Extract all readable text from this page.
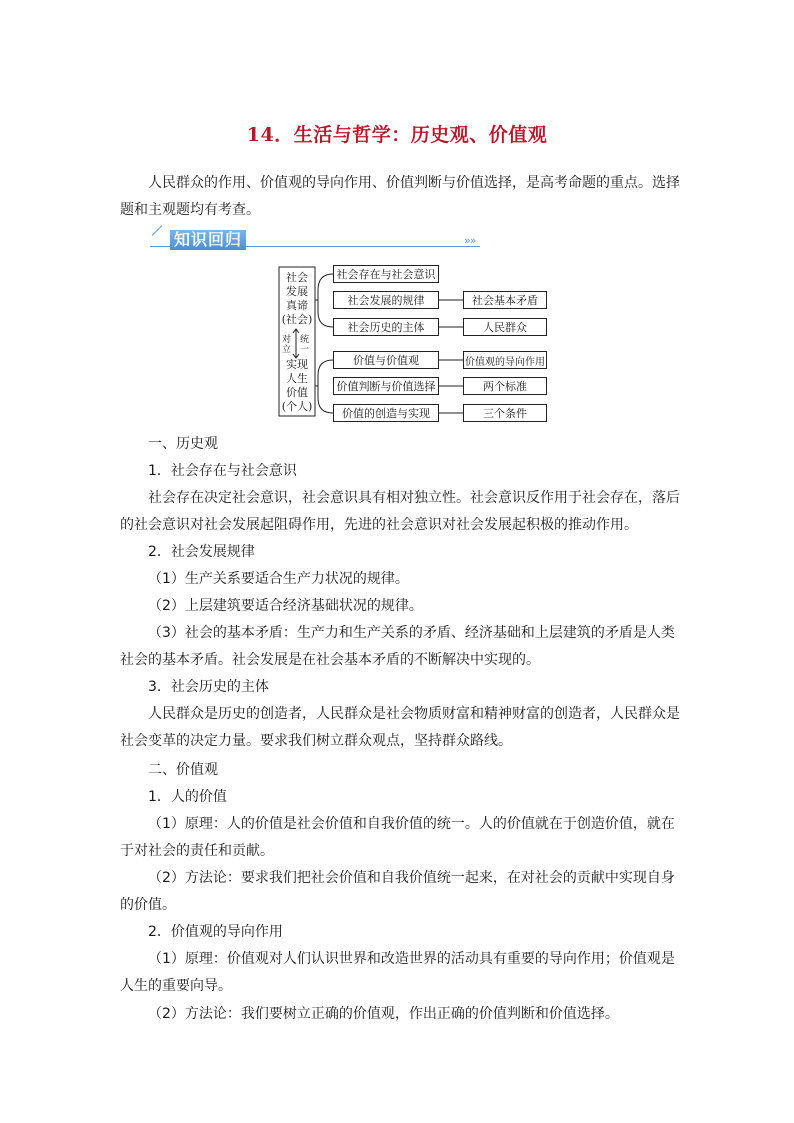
14．生活与哲学：历史观、价值观
人民群众的作用、价值观的导向作用、价值判断与价值选择，是高考命题的重点。选择
题和主观题均有考查。
知识回归	»»
社会
发展
真谛
(社会)
对立
统一
实现
人生
价值
(个人)
社会存在与社会意识
社会发展的规律
社会历史的主体
价值与价值观
价值判断与价值选择
价值的创造与实现
社会基本矛盾
人民群众
价值观的导向作用
两个标准
三个条件
一、历史观
1．社会存在与社会意识
社会存在决定社会意识，社会意识具有相对独立性。社会意识反作用于社会存在，落后
的社会意识对社会发展起阻碍作用，先进的社会意识对社会发展起积极的推动作用。
2．社会发展规律
（1）生产关系要适合生产力状况的规律。
（2）上层建筑要适合经济基础状况的规律。
（3）社会的基本矛盾：生产力和生产关系的矛盾、经济基础和上层建筑的矛盾是人类
社会的基本矛盾。社会发展是在社会基本矛盾的不断解决中实现的。
3．社会历史的主体
人民群众是历史的创造者，人民群众是社会物质财富和精神财富的创造者，人民群众是
社会变革的决定力量。要求我们树立群众观点，坚持群众路线。
二、价值观
1．人的价值
（1）原理：人的价值是社会价值和自我价值的统一。人的价值就在于创造价值，就在
于对社会的责任和贡献。
（2）方法论：要求我们把社会价值和自我价值统一起来，在对社会的贡献中实现自身
的价值。
2．价值观的导向作用
（1）原理：价值观对人们认识世界和改造世界的活动具有重要的导向作用；价值观是
人生的重要向导。
（2）方法论：我们要树立正确的价值观，作出正确的价值判断和价值选择。
